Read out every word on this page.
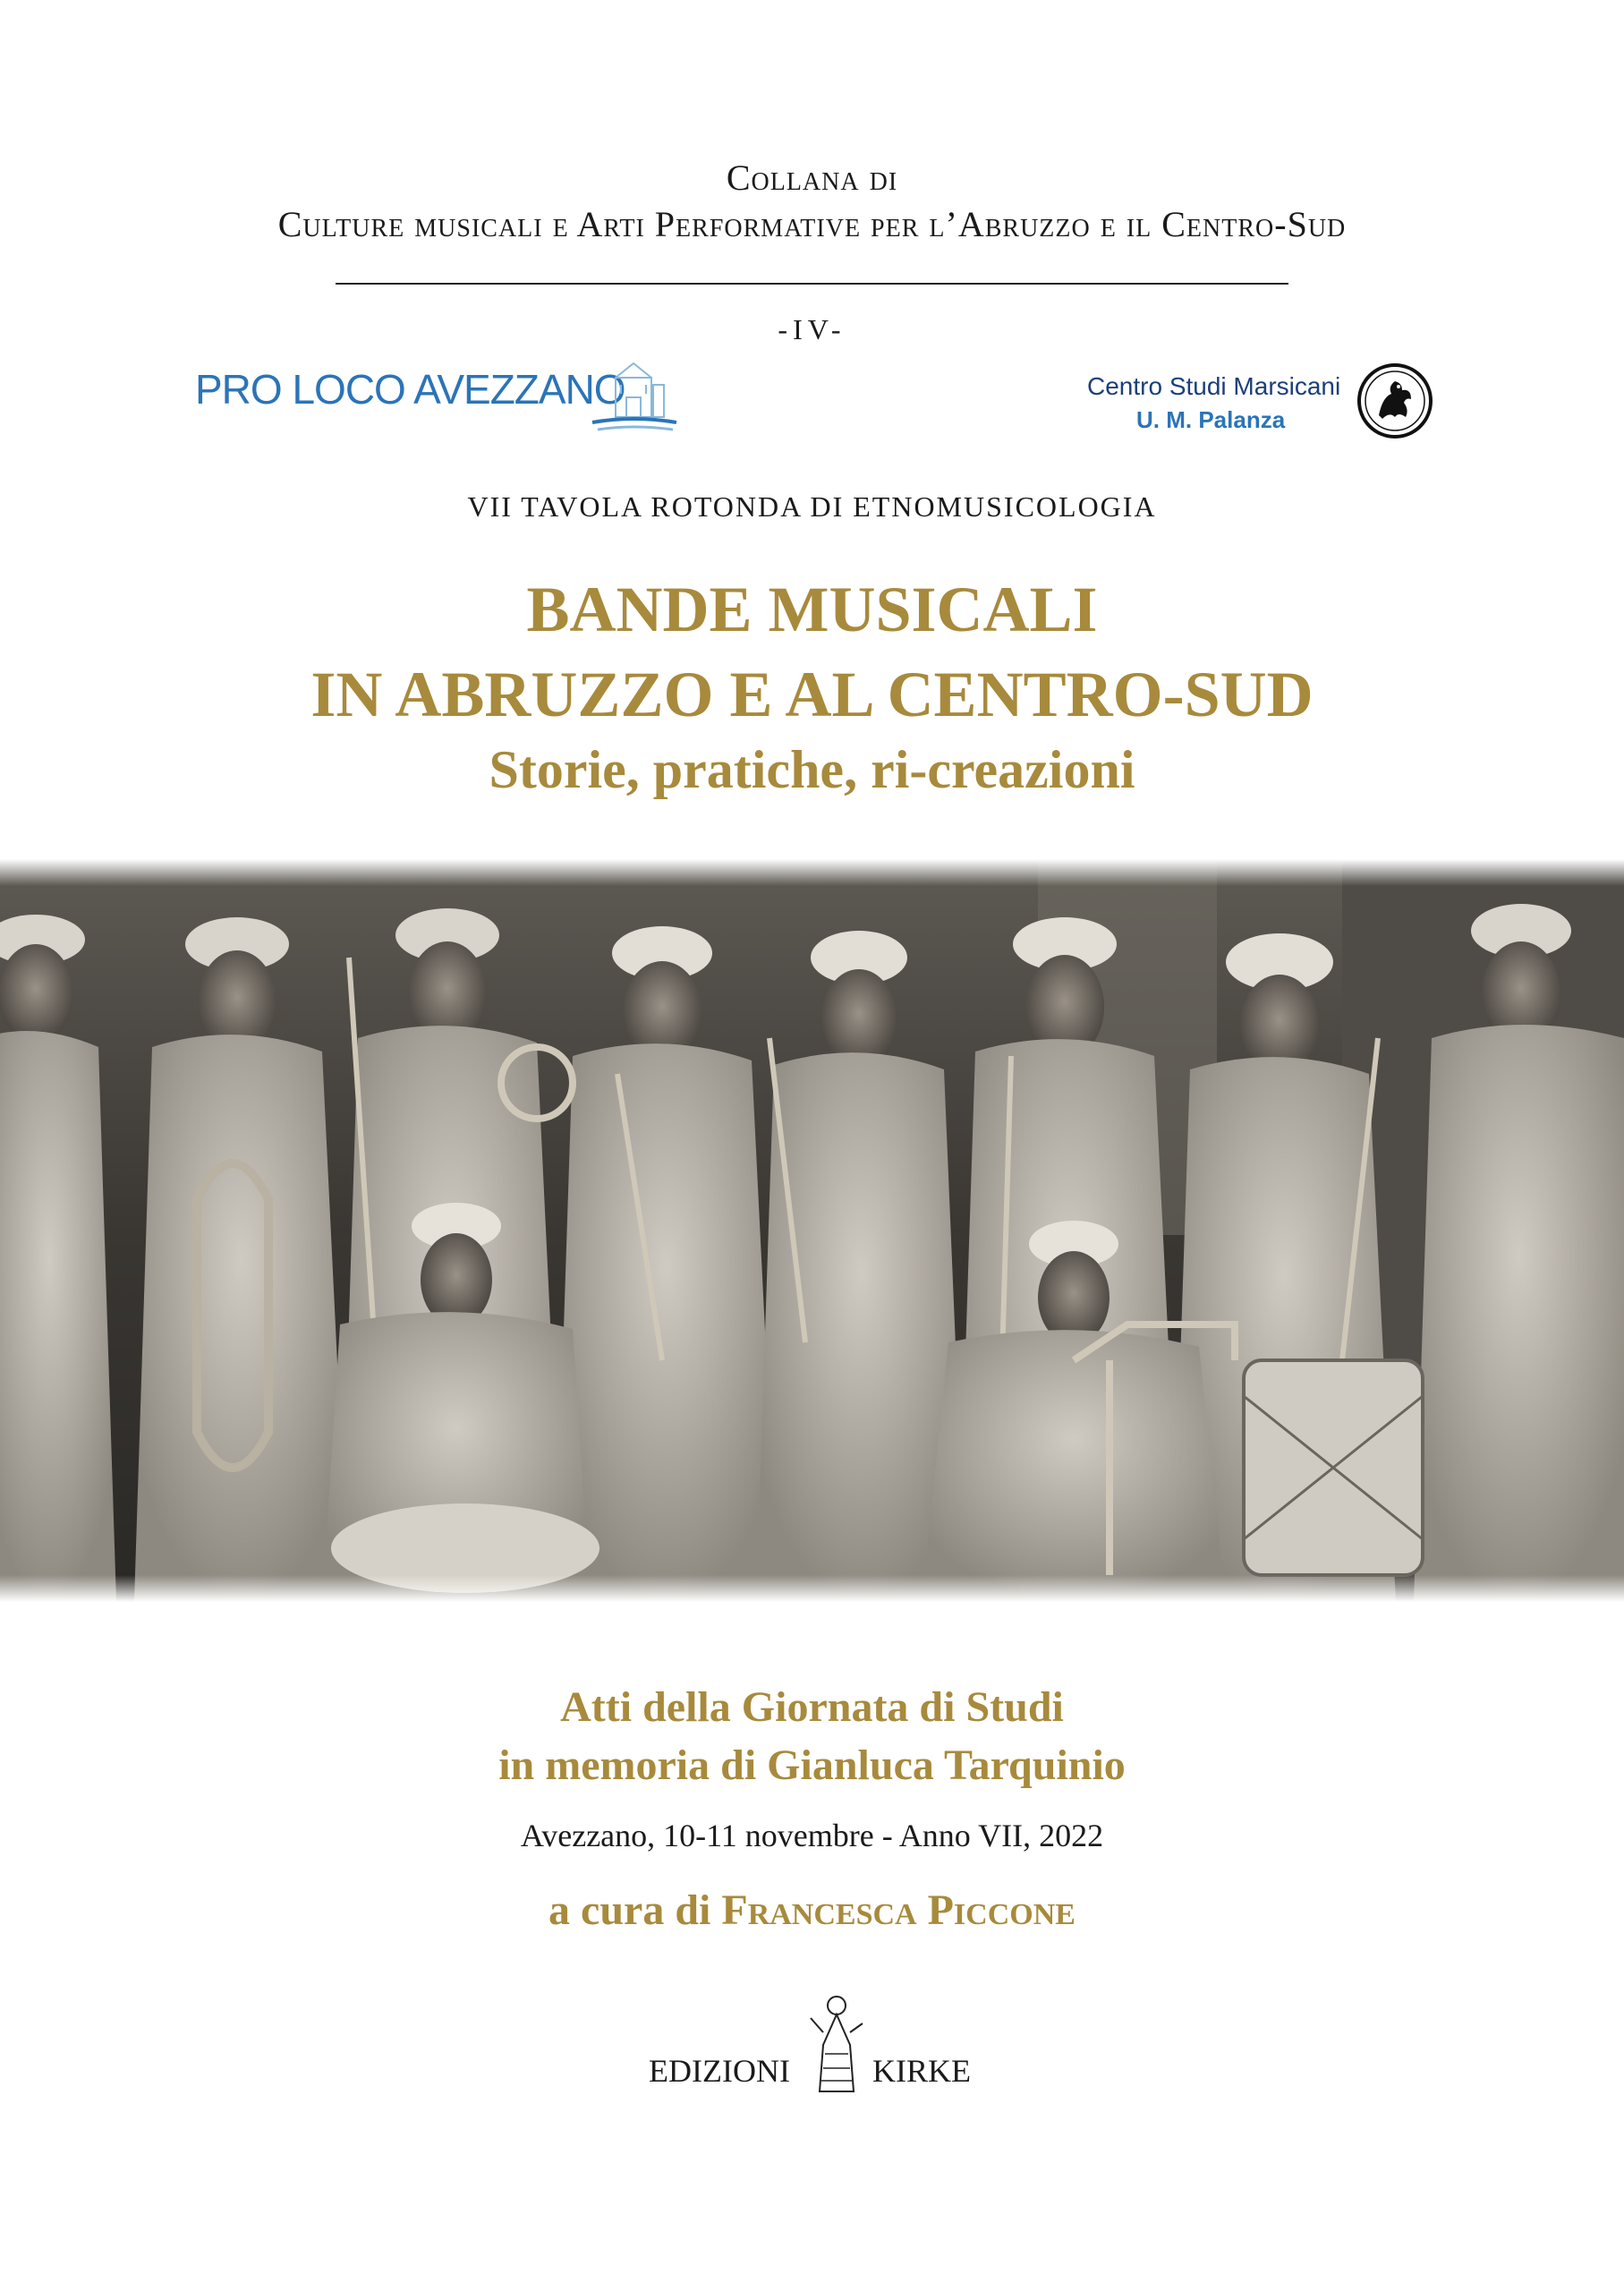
Collana di
Culture musicali e Arti Performative per l’Abruzzo e il Centro-Sud
-IV-
PRO LOCO AVEZZANO	Centro Studi Marsicani
U. M. Palanza
VII TAVOLA ROTONDA DI ETNOMUSICOLOGIA
BANDE MUSICALI
IN ABRUZZO E AL CENTRO-SUD
Storie, pratiche, ri-creazioni
Atti della Giornata di Studi
in memoria di Gianluca Tarquinio
Avezzano, 10-11 novembre - Anno VII, 2022
a cura di Francesca Piccone
EDIZIONI	KIRKE
